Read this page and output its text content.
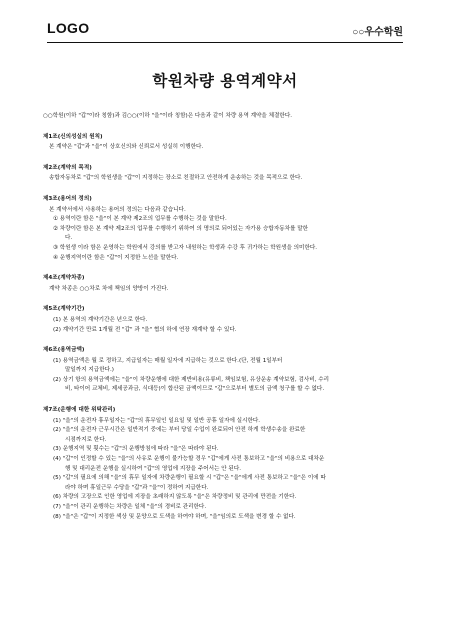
LOGO	○○우수학원
학원차량 용역계약서

○○학원(이하 "갑"이라 칭함)과 김○○(이하 "을"이라 칭함)은 다음과 같이 차량 용역 계약을 체결한다.

제1조(신의성실의 원칙)

본 계약은 "갑"과 "을"이 상호신의와 신뢰로서 성실히 이행한다.

제2조(계약의 목적)

송합자동차로 "갑"의 학원생을 "갑"이 지정하는 장소로 친절하고 안전하게 운송하는 것을 목적으로 한다.

제3조(용어의 정의)

본 계약서에서 사용하는 용어의 정의는 다음과 같습니다.

① 용역이란 함은 "을"이 본 계약 제2조의 업무를 수행하는 것을 말한다.

② 차량이란 함은 본 계약 제2조의 업무를 수행하기 위하여 의 명의로 되어있는 자가용 승합자동차를 말한

다.

③ 학원생 이라 함은 운영하는 학원에서 강의를 받고자 내원하는 학생과 수강 후 귀가하는 학원생을 의미한다.

④ 운행지역이란 함은 "갑"이 지정한 노선을 말한다.

제4조(계약차종)

계약 차종은 ○○차로 차에 책임의 양방이 가진다.

제5조(계약기간)

(1) 본 용역의 계약기간은 년으로 한다.

(2) 계약기간 만료 1개월 전 "갑" 과 "을" 협의 하에 연장 재계약 할 수 있다.

제6조(용역금액)

(1) 용역금액은 월 로 정하고, 지급일자는 매월 일자에 지급하는 것으로 한다.(단, 전월 1일부터

말일까지 지급한다.)

(2) 상기 항의 용역금액에는 "을"이 차량운행에 대한 제반비용(유류비, 책임보험, 유상운송 계약보험, 검사비, 수리

비, 타이어 교체비, 제세공과금, 식대등)이 합산된 금액이므로 "갑"으로부터 별도의 금액 청구를 할 수 없다.

제7조(운행에 대한 위탁관리)

(1) "을"의 운전자 휴무일자는 "갑"의 휴무일인 일요일 및 일반 공휴 일자에 실시한다.

(2) "을"의 운전자 근무시간은 일반적기 중에는 부터 당일 수업이 완료되어 안전 하게 학생수송을 완료한

시점까지로 한다.

(3) 운행지역 및 횟수는 "갑"의 운행방침에 따라 "을"은 따라야 된다.

(4) "갑"이 인정할 수 있는 "을"의 사유로 운행이 불가능할 경우 "갑"에게 사전 통보하고 "을"의 비용으로 대차운

행 및 대리운전 운행을 실시하여 "갑"의 영업에 지장을 주어서는 안 된다.

(5) "갑"의 필요에 의해 "을"의 휴무 일자에 차량운행이 필요할 시 "갑"은 "을"에게 사전 통보하고 "을"은 이에 따

라야 하며 휴일근무 수당을 "갑"과 "을"이 정하여 지급한다.

(6) 차량의 고장으로 인한 영업에 지장을 초래하지 않도록 "을"은 차량정비 및 관리에 만전을 기한다.

(7) "을"이 관리 운행하는 차량은 일체 "을"의 경비로 관리한다.

(8) "을"은 "갑"이 지정한 색상 및 문양으로 도색을 하여야 하며, "을"임의로 도색을 변경 할 수 없다.
